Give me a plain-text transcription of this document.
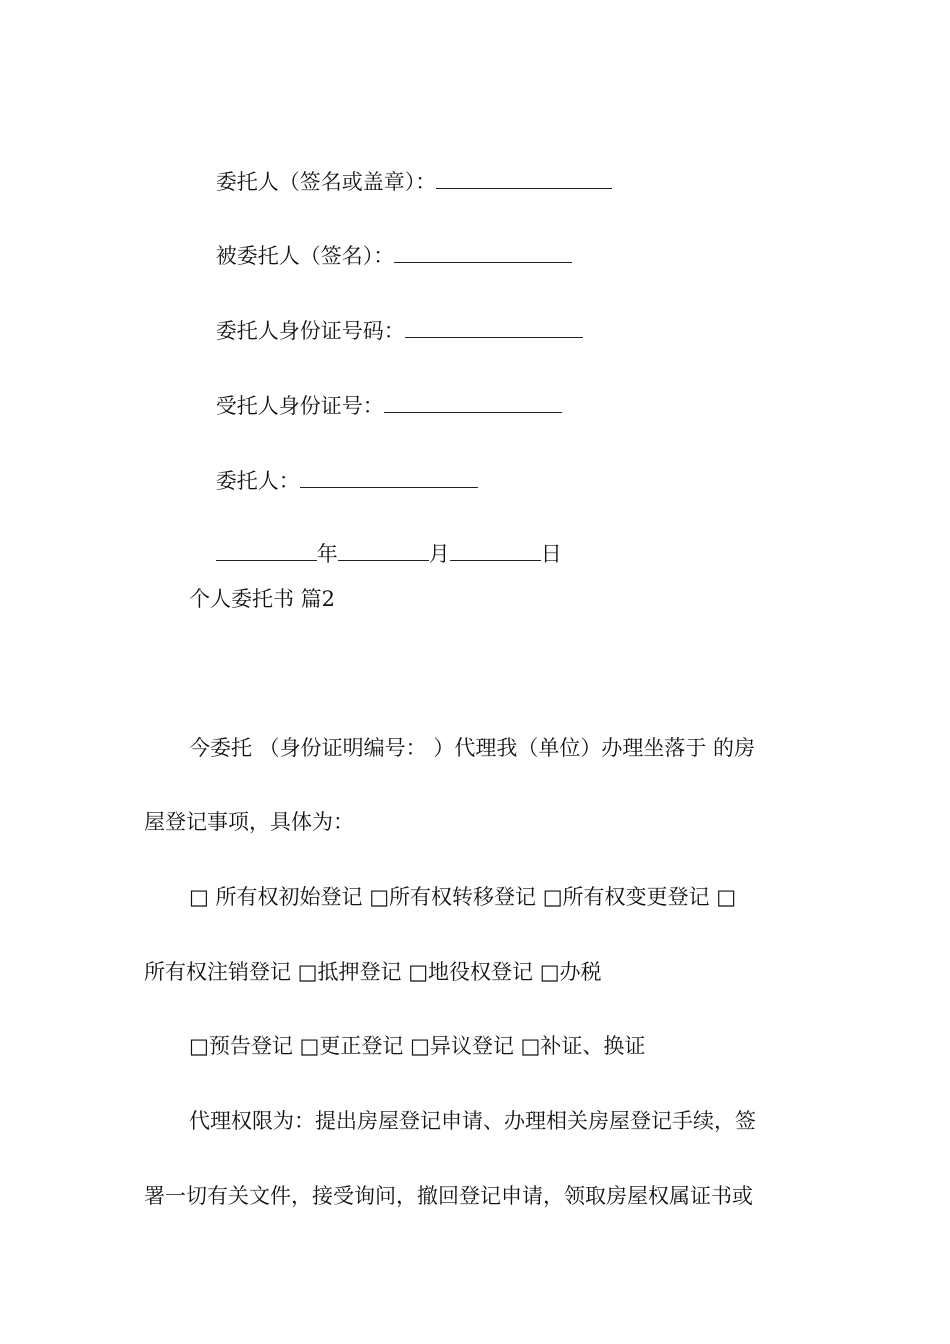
委托人（签名或盖章）：

被委托人（签名）：

委托人身份证号码：

受托人身份证号：

委托人：

年	月	日

个人委托书 篇2
今委托 （身份证明编号： ）代理我（单位）办理坐落于 的房
屋登记事项，具体为：
□ 所有权初始登记 □所有权转移登记 □所有权变更登记 □
所有权注销登记 □抵押登记 □地役权登记 □办税
□预告登记 □更正登记 □异议登记 □补证、换证
代理权限为：提出房屋登记申请、办理相关房屋登记手续，签
署一切有关文件，接受询问，撤回登记申请，领取房屋权属证书或
